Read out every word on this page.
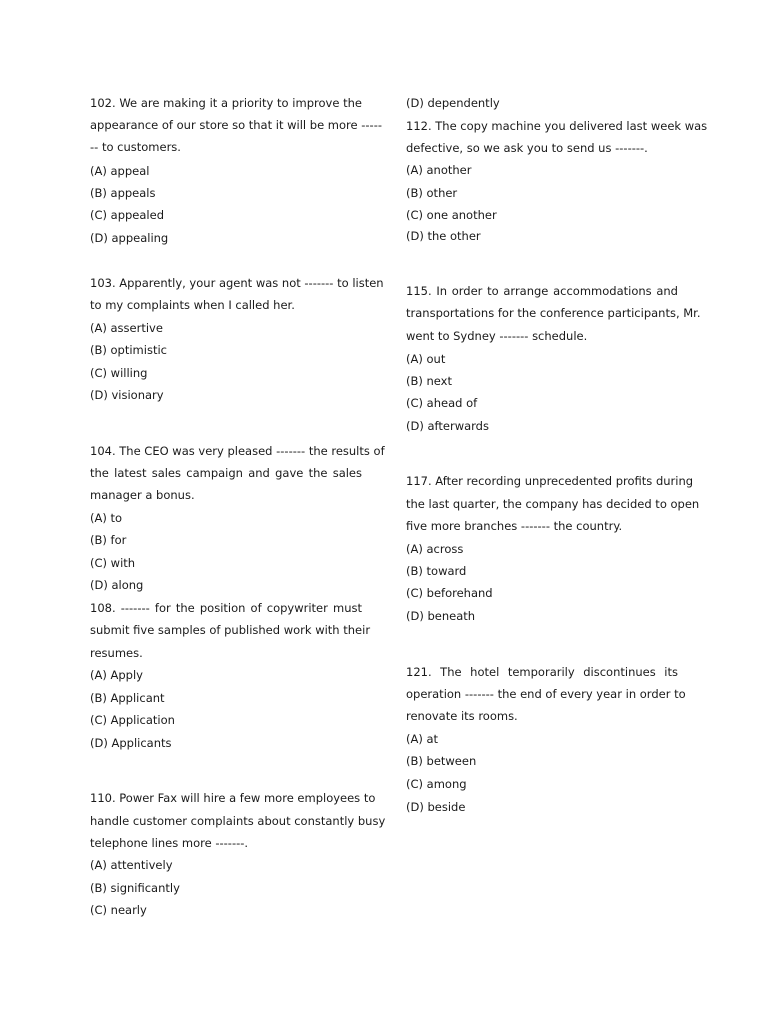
102. We are making it a priority to improve the
appearance of our store so that it will be more -----
-- to customers.
(A) appeal
(B) appeals
(C) appealed
(D) appealing
103. Apparently, your agent was not ------- to listen
to my complaints when I called her.
(A) assertive
(B) optimistic
(C) willing
(D) visionary
104. The CEO was very pleased ------- the results of
the latest sales campaign and gave the sales
manager a bonus.
(A) to
(B) for
(C) with
(D) along
108. ------- for the position of copywriter must
submit five samples of published work with their
resumes.
(A) Apply
(B) Applicant
(C) Application
(D) Applicants
110. Power Fax will hire a few more employees to
handle customer complaints about constantly busy
telephone lines more -------.
(A) attentively
(B) significantly
(C) nearly
(D) dependently
112. The copy machine you delivered last week was
defective, so we ask you to send us -------.
(A) another
(B) other
(C) one another
(D) the other
115. In order to arrange accommodations and
transportations for the conference participants, Mr.
went to Sydney ------- schedule.
(A) out
(B) next
(C) ahead of
(D) afterwards
117. After recording unprecedented profits during
the last quarter, the company has decided to open
five more branches ------- the country.
(A) across
(B) toward
(C) beforehand
(D) beneath
121. The hotel temporarily discontinues its
operation ------- the end of every year in order to
renovate its rooms.
(A) at
(B) between
(C) among
(D) beside
